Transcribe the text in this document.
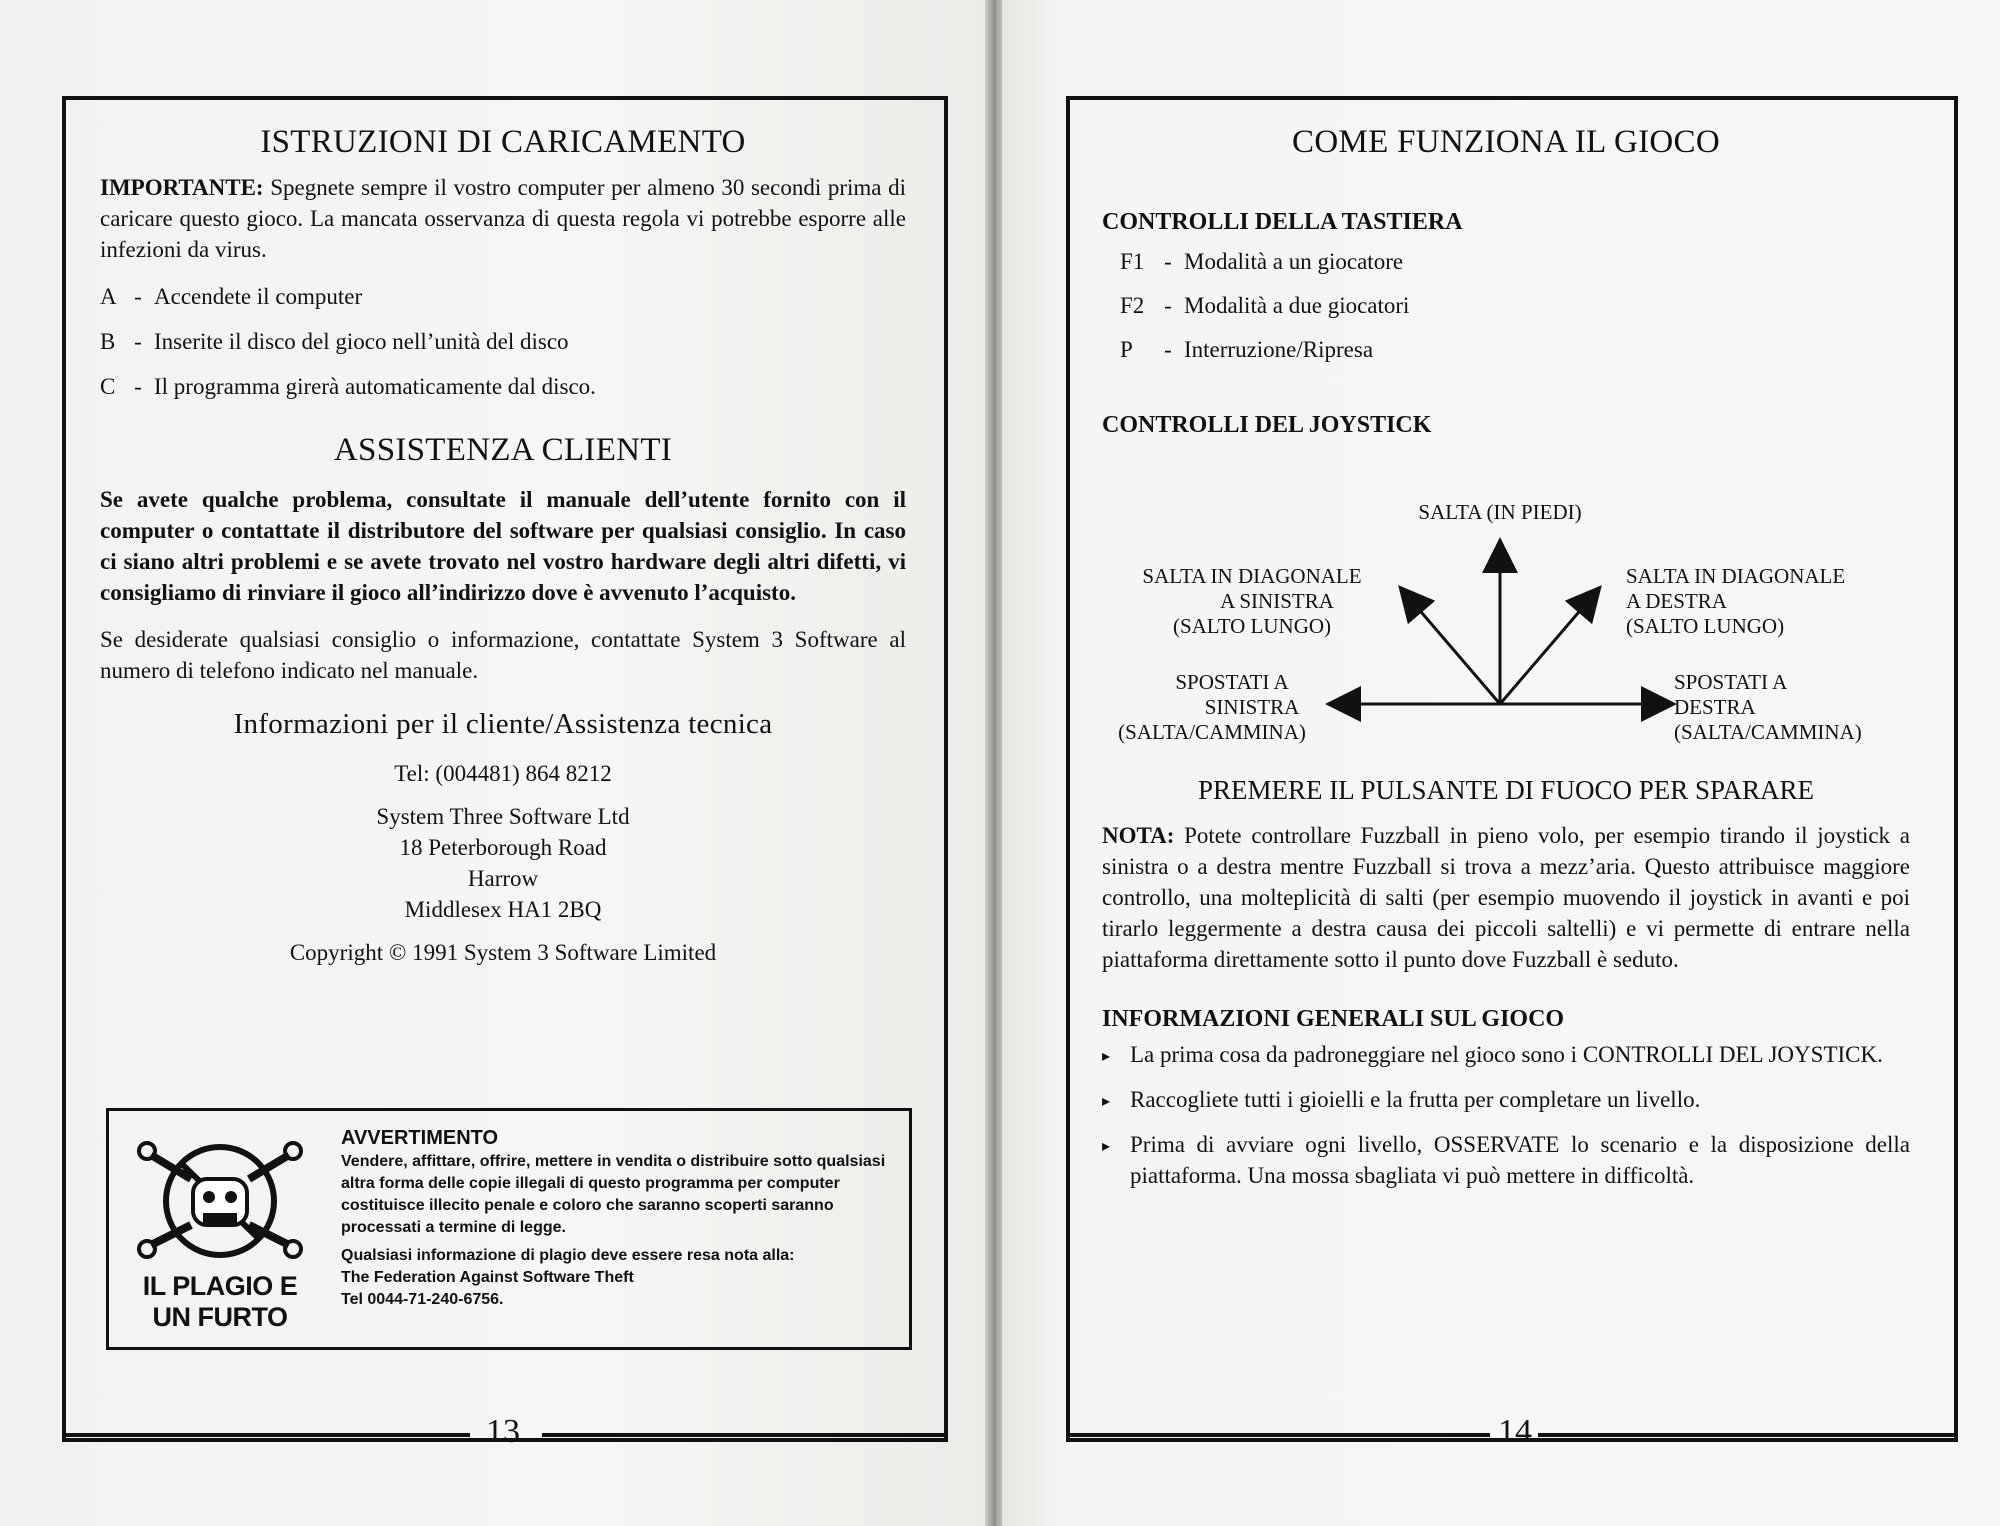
ISTRUZIONI DI CARICAMENTO

IMPORTANTE: Spegnete sempre il vostro computer per almeno 30 secondi prima di caricare questo gioco. La mancata osservanza di questa regola vi potrebbe esporre alle infezioni da virus.

A - Accendete il computer
B - Inserite il disco del gioco nell’unità del disco
C - Il programma girerà automaticamente dal disco.
ASSISTENZA CLIENTI

Se avete qualche problema, consultate il manuale dell’utente fornito con il computer o contattate il distributore del software per qualsiasi consiglio. In caso ci siano altri problemi e se avete trovato nel vostro hardware degli altri difetti, vi consigliamo di rinviare il gioco all’indirizzo dove è avvenuto l’acquisto.

Se desiderate qualsiasi consiglio o informazione, contattate System 3 Software al numero di telefono indicato nel manuale.

Informazioni per il cliente/Assistenza tecnica

Tel: (004481) 864 8212

System Three Software Ltd

18 Peterborough Road

Harrow

Middlesex HA1 2BQ

Copyright © 1991 System 3 Software Limited

IL PLAGIO E
UN FURTO
AVVERTIMENTO
Vendere, affittare, offrire, mettere in vendita o distribuire sotto qualsiasi altra forma delle copie illegali di questo programma per computer costituisce illecito penale e coloro che saranno scoperti saranno processati a termine di legge.
Qualsiasi informazione di plagio deve essere resa nota alla:
The Federation Against Software Theft
Tel 0044-71-240-6756.
13
COME FUNZIONA IL GIOCO
CONTROLLI DELLA TASTIERA
F1 - Modalità a un giocatore
F2 - Modalità a due giocatori
P	- Interruzione/Ripresa
CONTROLLI DEL JOYSTICK
SALTA (IN PIEDI)
SALTA IN DIAGONALE
A SINISTRA
(SALTO LUNGO)
SALTA IN DIAGONALE
A DESTRA
(SALTO LUNGO)
SPOSTATI A
SINISTRA
(SALTA/CAMMINA)
SPOSTATI A
DESTRA
(SALTA/CAMMINA)
PREMERE IL PULSANTE DI FUOCO PER SPARARE

NOTA: Potete controllare Fuzzball in pieno volo, per esempio tirando il joystick a sinistra o a destra mentre Fuzzball si trova a mezz’aria. Questo attribuisce maggiore controllo, una molteplicità di salti (per esempio muovendo il joystick in avanti e poi tirarlo leggermente a destra causa dei piccoli saltelli) e vi permette di entrare nella piattaforma direttamente sotto il punto dove Fuzzball è seduto.

INFORMAZIONI GENERALI SUL GIOCO
▸ La prima cosa da padroneggiare nel gioco sono i CONTROLLI DEL JOYSTICK.
▸ Raccogliete tutti i gioielli e la frutta per completare un livello.
▸ Prima di avviare ogni livello, OSSERVATE lo scenario e la disposizione della piattaforma. Una mossa sbagliata vi può mettere in difficoltà.
14
